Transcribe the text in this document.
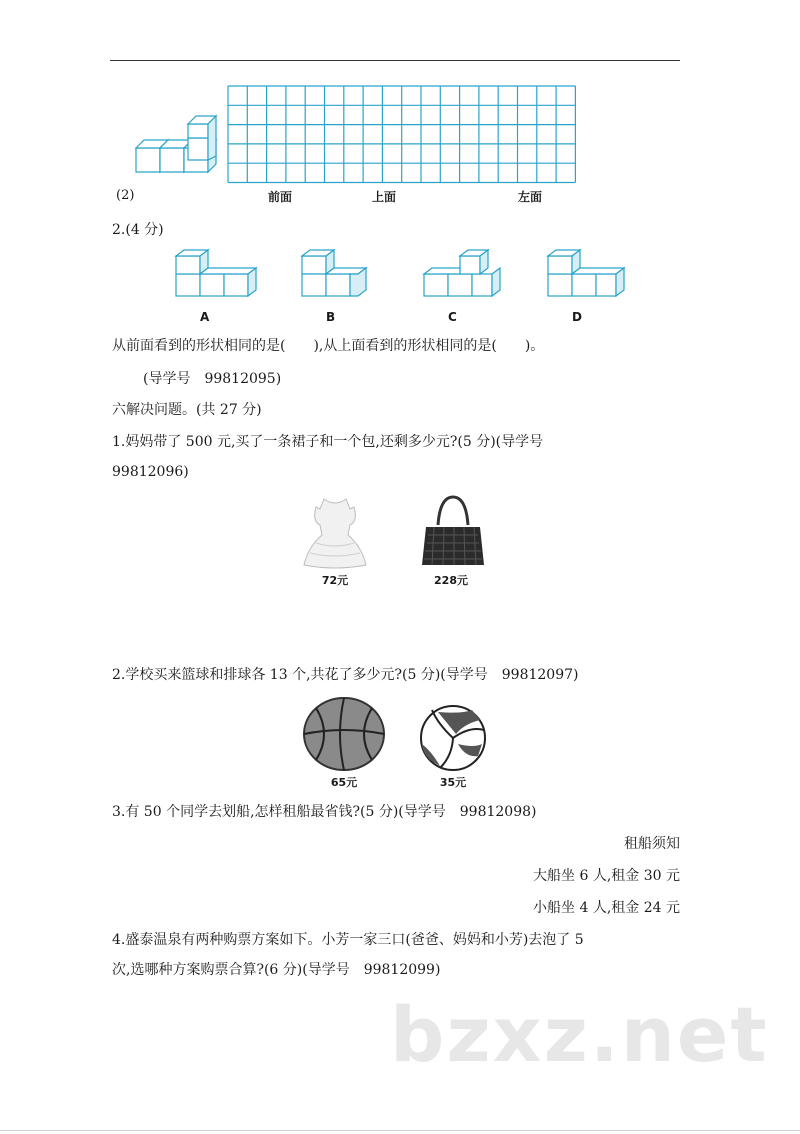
(2)	前面	上面	左面
2.(4 分)
A	B	C	D
从前面看到的形状相同的是(　　),从上面看到的形状相同的是(　　)。
(导学号　99812095)
六解决问题。(共 27 分)
1.妈妈带了 500 元,买了一条裙子和一个包,还剩多少元?(5 分)(导学号
99812096)
72元	228元
2.学校买来篮球和排球各 13 个,共花了多少元?(5 分)(导学号　99812097)
65元	35元
3.有 50 个同学去划船,怎样租船最省钱?(5 分)(导学号　99812098)
租船须知
大船坐 6 人,租金 30 元
小船坐 4 人,租金 24 元
4.盛泰温泉有两种购票方案如下。小芳一家三口(爸爸、妈妈和小芳)去泡了 5
次,选哪种方案购票合算?(6 分)(导学号　99812099)
bzxz.net
